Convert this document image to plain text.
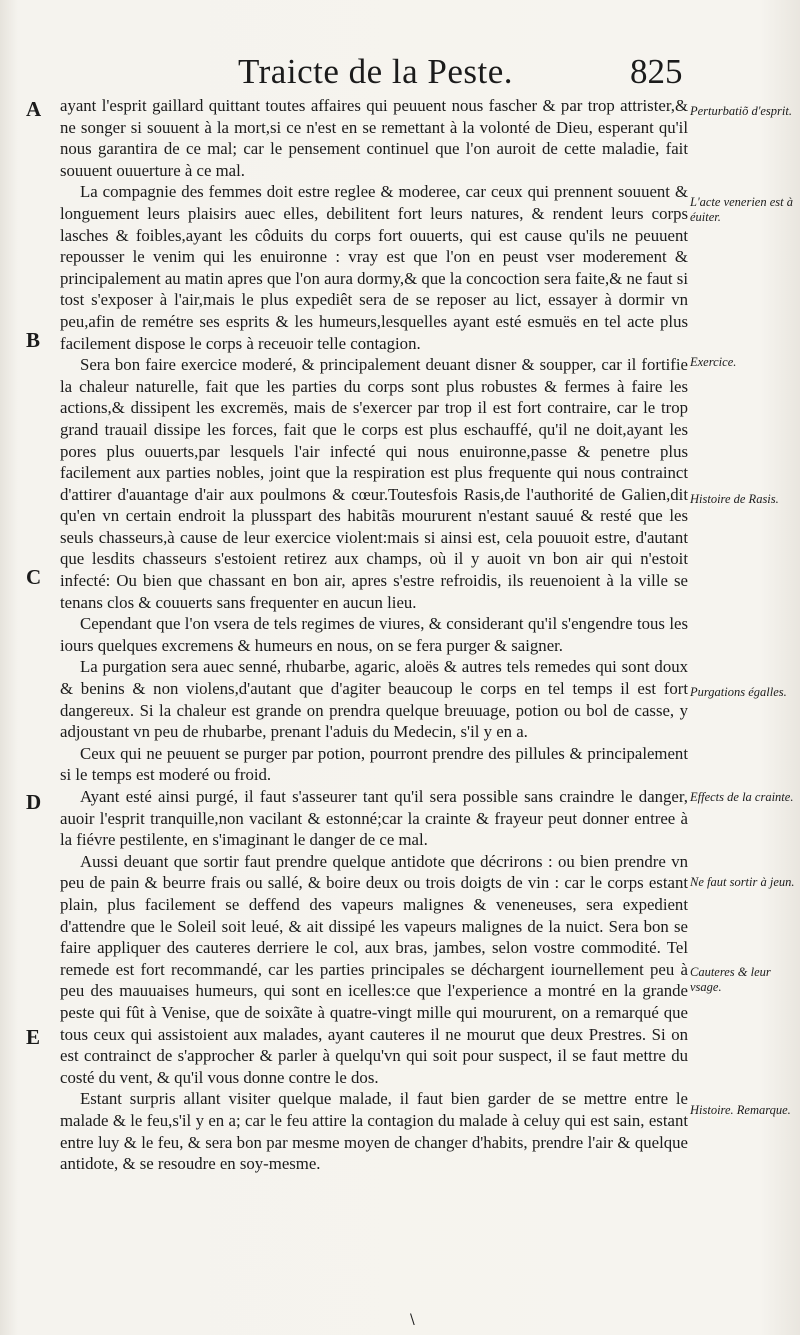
Traicte de la Peste.	825
A
B
C
D
E

ayant l'esprit gaillard quittant toutes affaires qui peuuent nous fascher & par trop attrister,& ne songer si souuent à la mort,si ce n'est en se remettant à la volonté de Dieu, esperant qu'il nous garantira de ce mal; car le pensement continuel que l'on auroit de cette maladie, fait souuent ouuerture à ce mal.

La compagnie des femmes doit estre reglee & moderee, car ceux qui prennent souuent & longuement leurs plaisirs auec elles, debilitent fort leurs natures, & rendent leurs corps lasches & foibles,ayant les côduits du corps fort ouuerts, qui est cause qu'ils ne peuuent repousser le venim qui les enuironne : vray est que l'on en peust vser moderement & principalement au matin apres que l'on aura dormy,& que la concoction sera faite,& ne faut si tost s'exposer à l'air,mais le plus expediêt sera de se reposer au lict, essayer à dormir vn peu,afin de remétre ses esprits & les humeurs,lesquelles ayant esté esmuës en tel acte plus facilement dispose le corps à receuoir telle contagion.

Sera bon faire exercice moderé, & principalement deuant disner & soupper, car il fortifie la chaleur naturelle, fait que les parties du corps sont plus robustes & fermes à faire les actions,& dissipent les excremës, mais de s'exercer par trop il est fort contraire, car le trop grand trauail dissipe les forces, fait que le corps est plus eschauffé, qu'il ne doit,ayant les pores plus ouuerts,par lesquels l'air infecté qui nous enuironne,passe & penetre plus facilement aux parties nobles, joint que la respiration est plus frequente qui nous contrainct d'attirer d'auantage d'air aux poulmons & cœur.Toutesfois Rasis,de l'authorité de Galien,dit qu'en vn certain endroit la plusspart des habitãs moururent n'estant sauué & resté que les seuls chasseurs,à cause de leur exercice violent:mais si ainsi est, cela pouuoit estre, d'autant que lesdits chasseurs s'estoient retirez aux champs, où il y auoit vn bon air qui n'estoit infecté: Ou bien que chassant en bon air, apres s'estre refroidis, ils reuenoient à la ville se tenans clos & couuerts sans frequenter en aucun lieu.

Cependant que l'on vsera de tels regimes de viures, & considerant qu'il s'engendre tous les iours quelques excremens & humeurs en nous, on se fera purger & saigner.

La purgation sera auec senné, rhubarbe, agaric, aloës & autres tels remedes qui sont doux & benins & non violens,d'autant que d'agiter beaucoup le corps en tel temps il est fort dangereux. Si la chaleur est grande on prendra quelque breuuage, potion ou bol de casse, y adjoustant vn peu de rhubarbe, prenant l'aduis du Medecin, s'il y en a.

Ceux qui ne peuuent se purger par potion, pourront prendre des pillules & principalement si le temps est moderé ou froid.

Ayant esté ainsi purgé, il faut s'asseurer tant qu'il sera possible sans craindre le danger, auoir l'esprit tranquille,non vacilant & estonné;car la crainte & frayeur peut donner entree à la fiévre pestilente, en s'imaginant le danger de ce mal.

Aussi deuant que sortir faut prendre quelque antidote que décrirons : ou bien prendre vn peu de pain & beurre frais ou sallé, & boire deux ou trois doigts de vin : car le corps estant plain, plus facilement se deffend des vapeurs malignes & veneneuses, sera expedient d'attendre que le Soleil soit leué, & ait dissipé les vapeurs malignes de la nuict. Sera bon se faire appliquer des cauteres derriere le col, aux bras, jambes, selon vostre commodité. Tel remede est fort recommandé, car les parties principales se déchargent iournellement peu à peu des mauuaises humeurs, qui sont en icelles:ce que l'experience a montré en la grande peste qui fût à Venise, que de soixãte à quatre-vingt mille qui moururent, on a remarqué que tous ceux qui assistoient aux malades, ayant cauteres il ne mourut que deux Prestres. Si on est contrainct de s'approcher & parler à quelqu'vn qui soit pour suspect, il se faut mettre du costé du vent, & qu'il vous donne contre le dos.

Estant surpris allant visiter quelque malade, il faut bien garder de se mettre entre le malade & le feu,s'il y en a; car le feu attire la contagion du malade à celuy qui est sain, estant entre luy & le feu, & sera bon par mesme moyen de changer d'habits, prendre l'air & quelque antidote, & se resoudre en soy-mesme.

Perturbatiõ d'esprit.
L'acte venerien est à éuiter.
Exercice.
Histoire de Rasis.
Purgations égalles.
Effects de la crainte.
Ne faut sortir à jeun.
Cauteres & leur vsage.
Histoire. Remarque.
\
